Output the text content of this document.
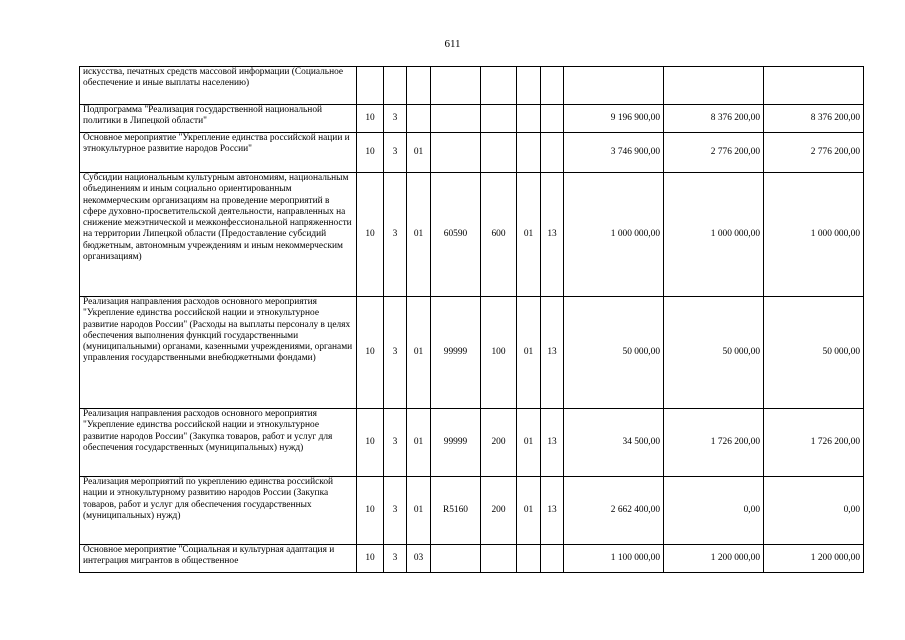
611
искусства, печатных средств массовой информации (Социальное обеспечение и иные выплаты населению)										
Подпрограмма "Реализация государственной национальной политики в Липецкой области"	10	3						9 196 900,00	8 376 200,00	8 376 200,00
Основное мероприятие "Укрепление единства российской нации и этнокультурное развитие народов России"	10	3	01					3 746 900,00	2 776 200,00	2 776 200,00
Субсидии национальным культурным автономиям, национальным объединениям и иным социально ориентированным некоммерческим организациям на проведение мероприятий в сфере духовно-просветительской деятельности, направленных на снижение межэтнической и межконфессиональной напряженности на территории Липецкой области (Предоставление субсидий бюджетным, автономным учреждениям и иным некоммерческим организациям)	10	3	01	60590	600	01	13	1 000 000,00	1 000 000,00	1 000 000,00
Реализация направления расходов основного мероприятия "Укрепление единства российской нации и этнокультурное развитие народов России" (Расходы на выплаты персоналу в целях обеспечения выполнения функций государственными (муниципальными) органами, казенными учреждениями, органами управления государственными внебюджетными фондами)	10	3	01	99999	100	01	13	50 000,00	50 000,00	50 000,00
Реализация направления расходов основного мероприятия "Укрепление единства российской нации и этнокультурное развитие народов России" (Закупка товаров, работ и услуг для обеспечения государственных (муниципальных) нужд)	10	3	01	99999	200	01	13	34 500,00	1 726 200,00	1 726 200,00
Реализация мероприятий по укреплению единства российской нации и этнокультурному развитию народов России (Закупка товаров, работ и услуг для обеспечения государственных (муниципальных) нужд)	10	3	01	R5160	200	01	13	2 662 400,00	0,00	0,00
Основное мероприятие "Социальная и культурная адаптация и интеграция мигрантов в общественное	10	3	03					1 100 000,00	1 200 000,00	1 200 000,00
